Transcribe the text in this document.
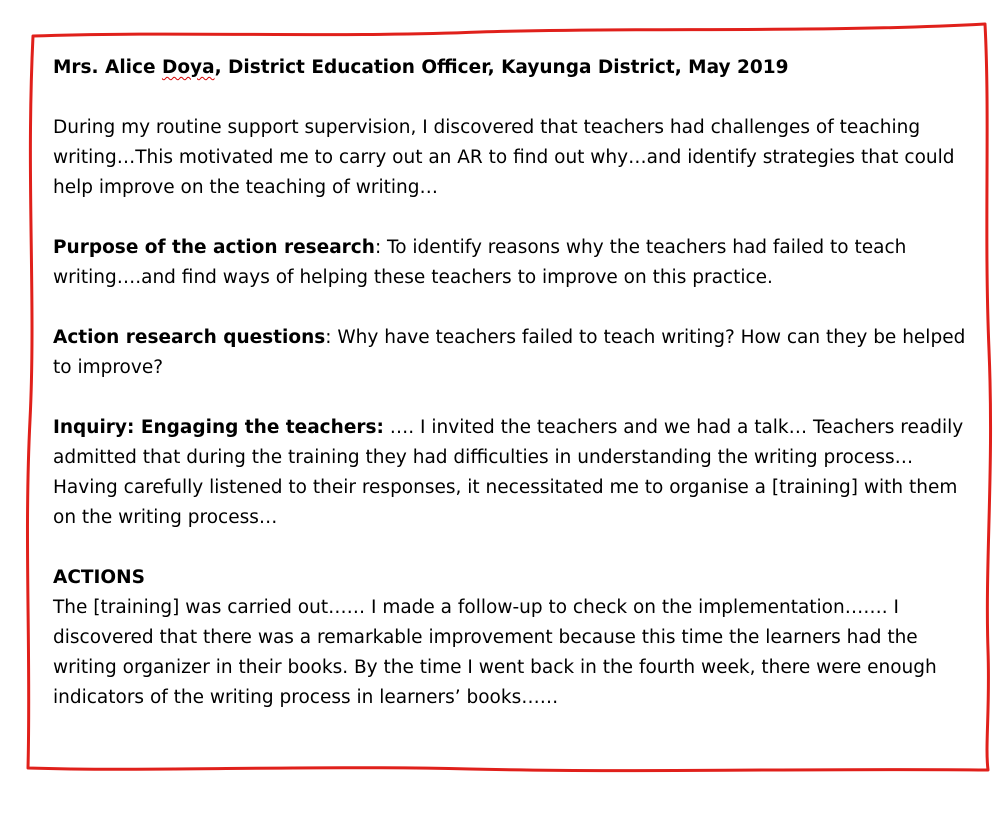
Mrs. Alice Doya, District Education Officer, Kayunga District, May 2019

During my routine support supervision, I discovered that teachers had challenges of teaching writing…This motivated me to carry out an AR to find out why…and identify strategies that could help improve on the teaching of writing…

Purpose of the action research: To identify reasons why the teachers had failed to teach writing….and find ways of helping these teachers to improve on this practice.

Action research questions: Why have teachers failed to teach writing? How can they be helped to improve?

Inquiry: Engaging the teachers: …. I invited the teachers and we had a talk… Teachers readily admitted that during the training they had difficulties in understanding the writing process…Having carefully listened to their responses, it necessitated me to organise a [training] with them on the writing process…

ACTIONS
The [training] was carried out…… I made a follow-up to check on the implementation……. I discovered that there was a remarkable improvement because this time the learners had the writing organizer in their books. By the time I went back in the fourth week, there were enough indicators of the writing process in learners’ books……
